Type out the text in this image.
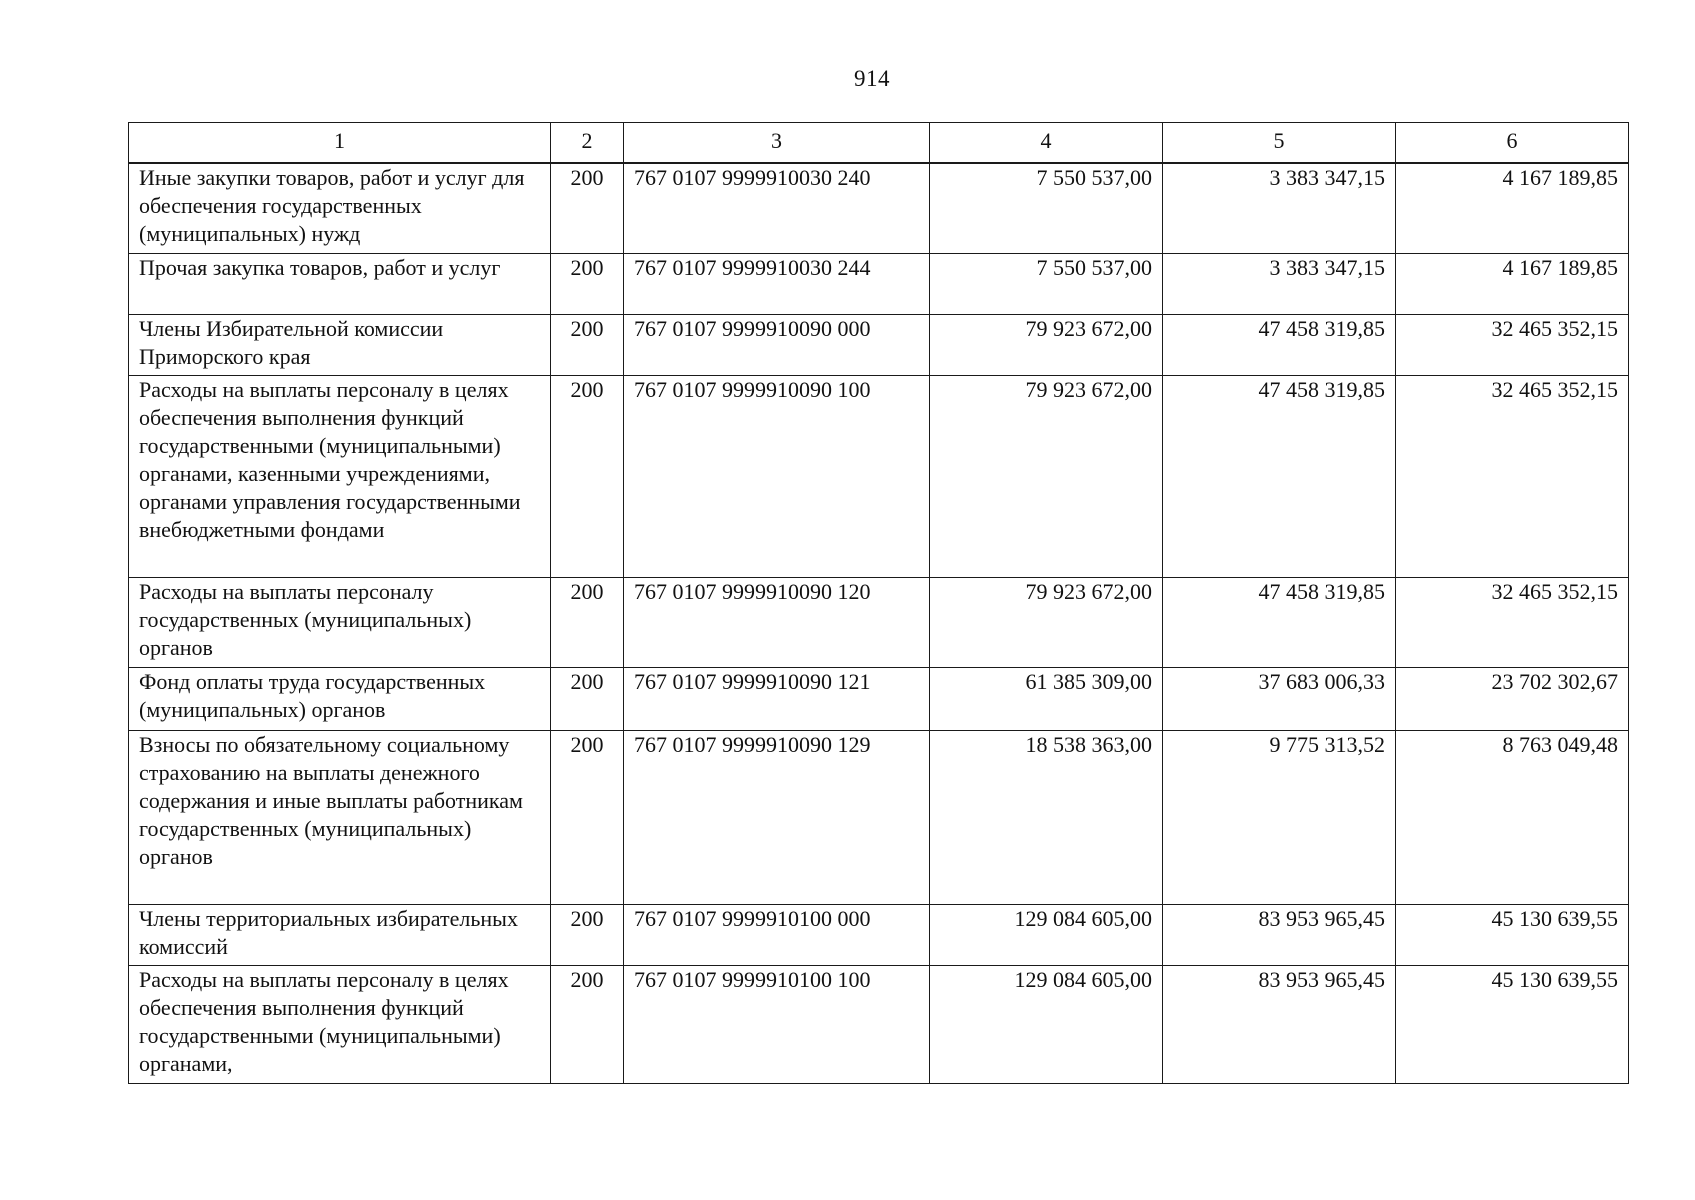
914
1	2	3	4	5	6
Иные закупки товаров, работ и услуг для обеспечения государственных (муниципальных) нужд	200	767 0107 9999910030 240	7 550 537,00	3 383 347,15	4 167 189,85
Прочая закупка товаров, работ и услуг	200	767 0107 9999910030 244	7 550 537,00	3 383 347,15	4 167 189,85
Члены Избирательной комиссии Приморского края	200	767 0107 9999910090 000	79 923 672,00	47 458 319,85	32 465 352,15
Расходы на выплаты персоналу в целях обеспечения выполнения функций государственными (муниципальными) органами, казенными учреждениями, органами управления государственными внебюджетными фондами	200	767 0107 9999910090 100	79 923 672,00	47 458 319,85	32 465 352,15
Расходы на выплаты персоналу государственных (муниципальных) органов	200	767 0107 9999910090 120	79 923 672,00	47 458 319,85	32 465 352,15
Фонд оплаты труда государственных (муниципальных) органов	200	767 0107 9999910090 121	61 385 309,00	37 683 006,33	23 702 302,67
Взносы по обязательному социальному страхованию на выплаты денежного содержания и иные выплаты работникам государственных (муниципальных) органов	200	767 0107 9999910090 129	18 538 363,00	9 775 313,52	8 763 049,48
Члены территориальных избирательных комиссий	200	767 0107 9999910100 000	129 084 605,00	83 953 965,45	45 130 639,55
Расходы на выплаты персоналу в целях обеспечения выполнения функций государственными (муниципальными) органами,	200	767 0107 9999910100 100	129 084 605,00	83 953 965,45	45 130 639,55
